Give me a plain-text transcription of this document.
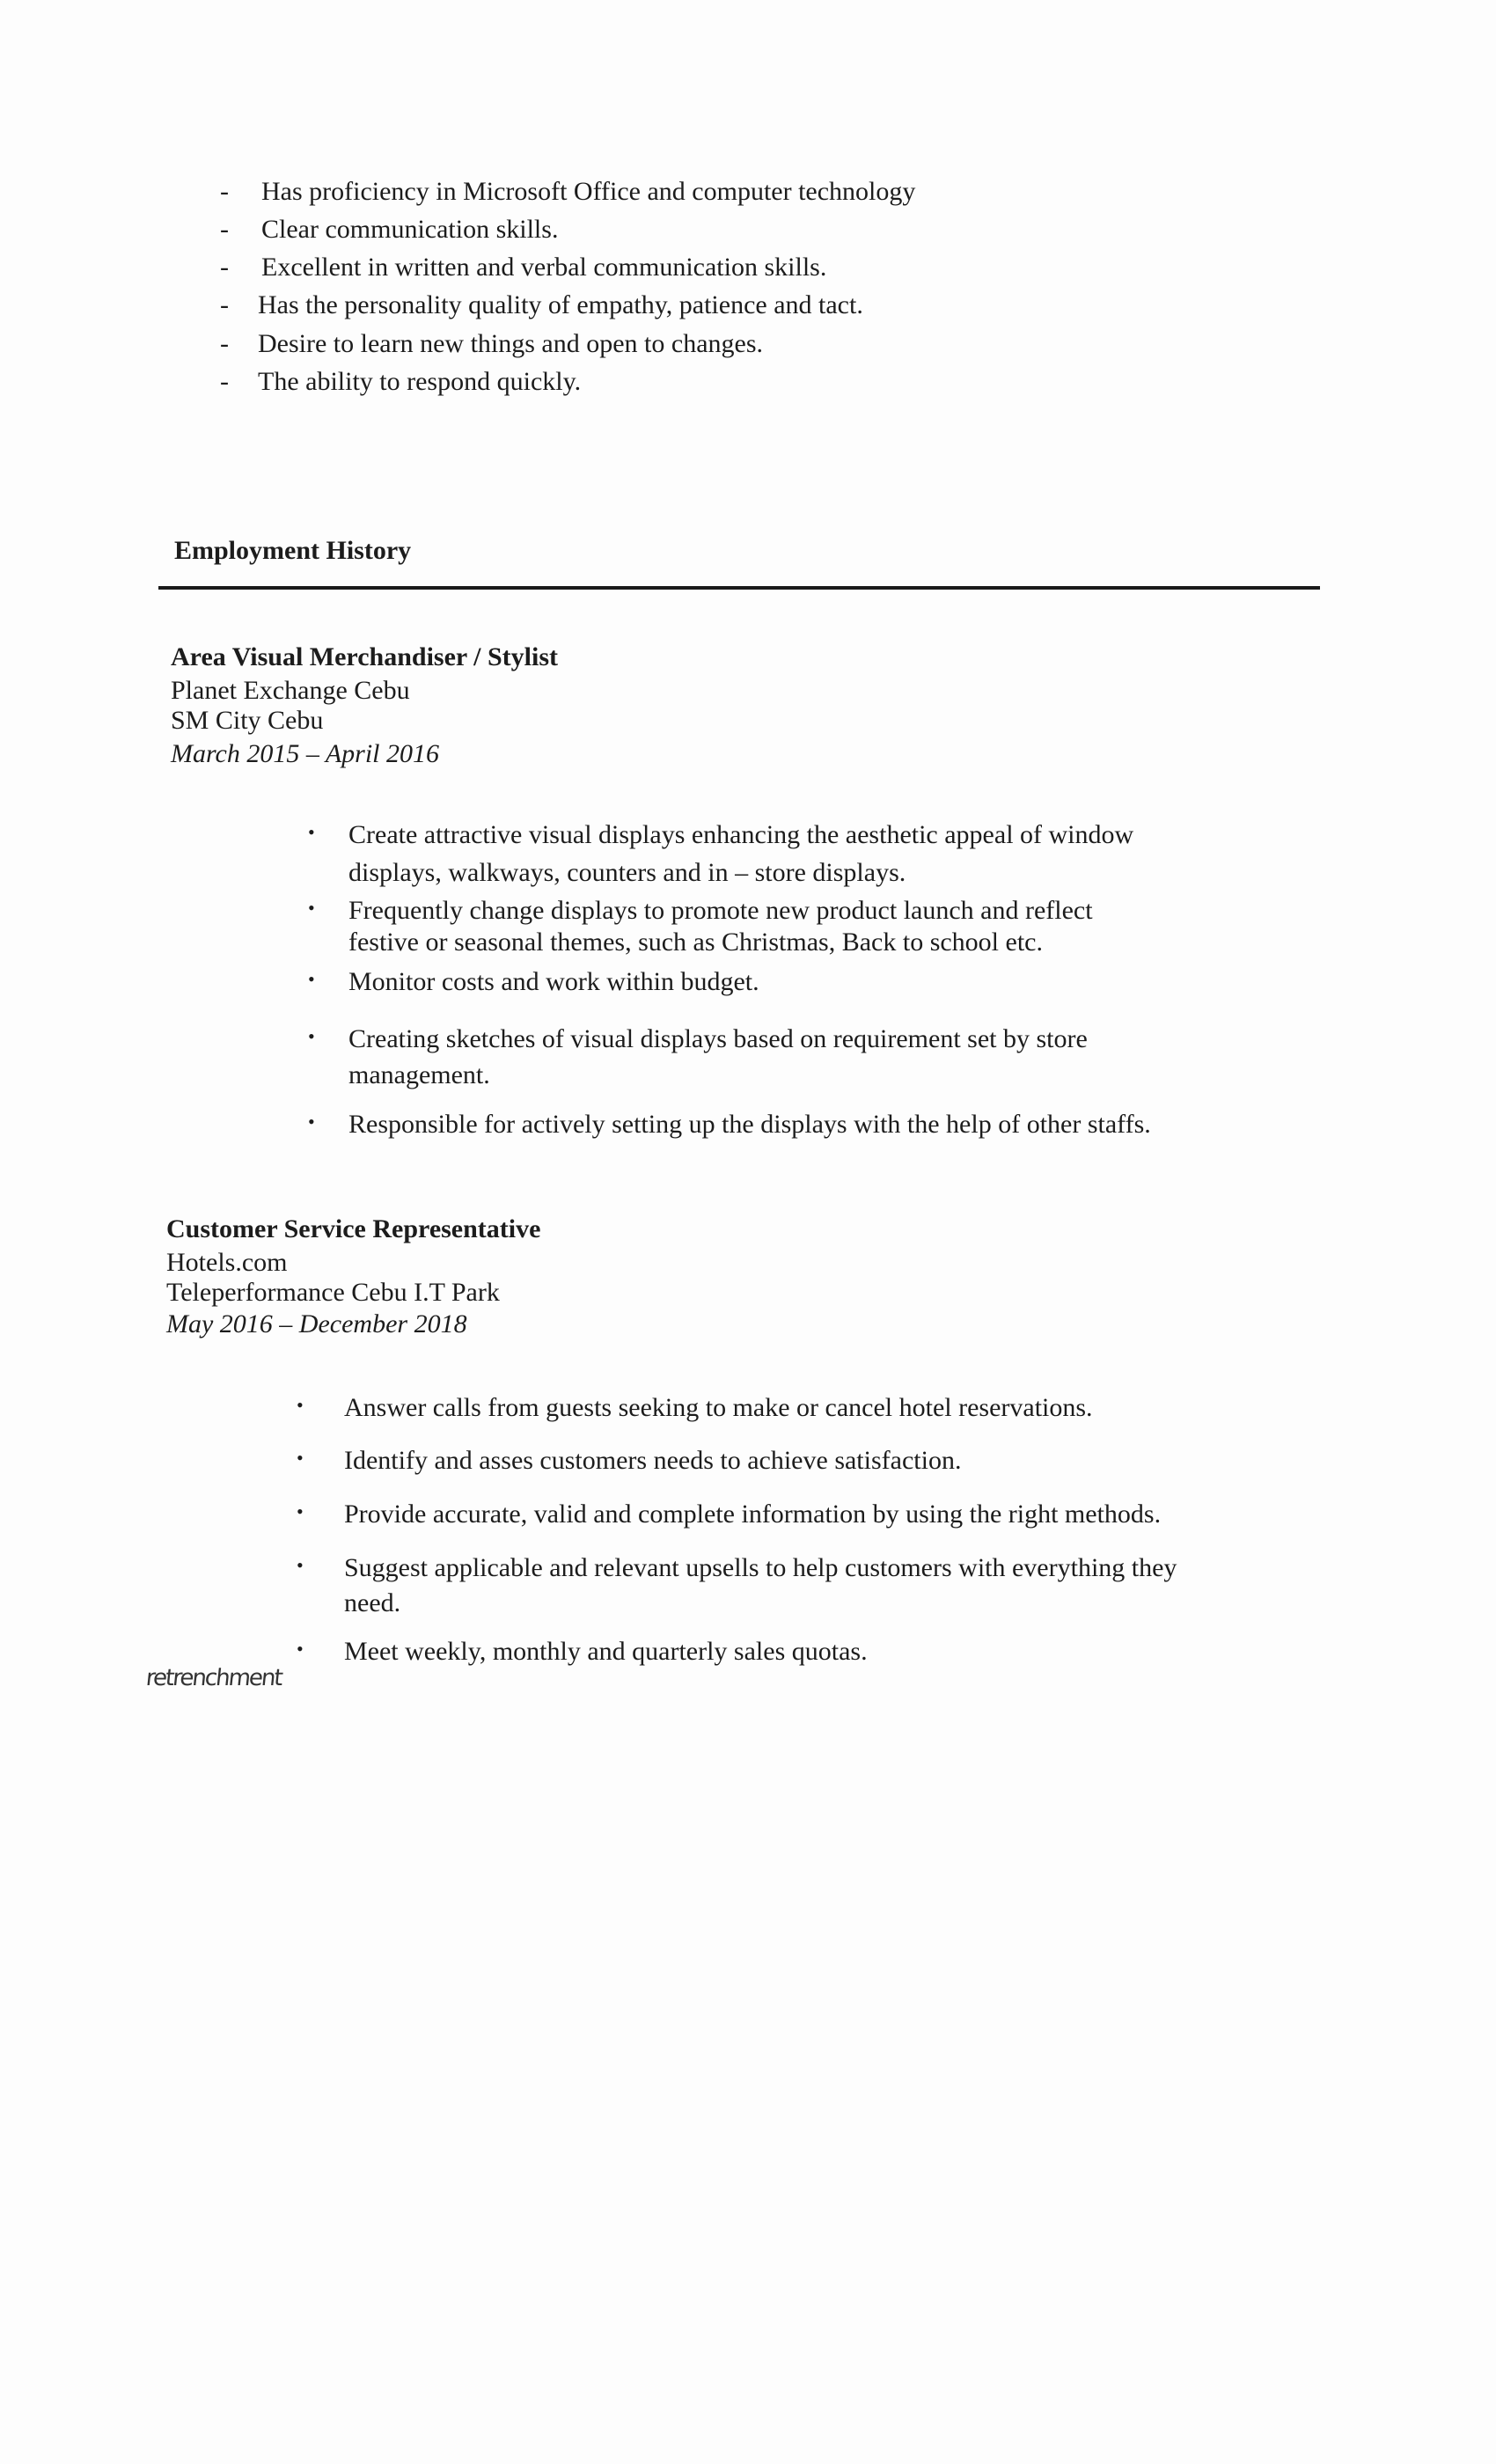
- Has proficiency in Microsoft Office and computer technology
- Clear communication skills.
- Excellent in written and verbal communication skills.
- Has the personality quality of empathy, patience and tact.
- Desire to learn new things and open to changes.
- The ability to respond quickly.
Employment History
Area Visual Merchandiser / Stylist
Planet Exchange Cebu
SM City Cebu
March 2015 – April 2016
• Create attractive visual displays enhancing the aesthetic appeal of window
displays, walkways, counters and in – store displays.
• Frequently change displays to promote new product launch and reflect
festive or seasonal themes, such as Christmas, Back to school etc.
• Monitor costs and work within budget.
• Creating sketches of visual displays based on requirement set by store
management.
• Responsible for actively setting up the displays with the help of other staffs.
Customer Service Representative
Hotels.com
Teleperformance Cebu I.T Park
May 2016 – December 2018
• Answer calls from guests seeking to make or cancel hotel reservations.
• Identify and asses customers needs to achieve satisfaction.
• Provide accurate, valid and complete information by using the right methods.
• Suggest applicable and relevant upsells to help customers with everything they
need.
• Meet weekly, monthly and quarterly sales quotas.
retrenchment
